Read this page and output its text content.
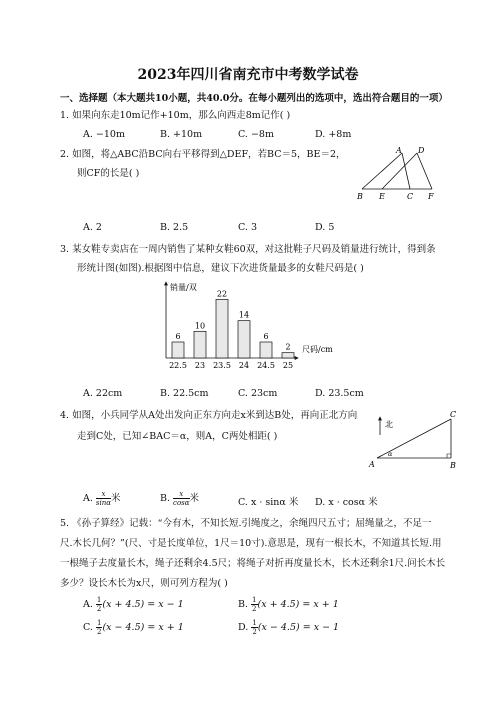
2023年四川省南充市中考数学试卷
一、选择题（本大题共10小题，共40.0分。在每小题列出的选项中，选出符合题目的一项）
1. 如果向东走10m记作+10m，那么向西走8m记作( )
A. −10m	B. +10m	C. −8m	D. +8m
2. 如图，将△ABC沿BC向右平移得到△DEF，若BC＝5，BE＝2，
则CF的长是( )
A D
B E	C F
A. 2	B. 2.5	C. 3	D. 5
3. 某女鞋专卖店在一周内销售了某种女鞋60双，对这批鞋子尺码及销量进行统计，得到条
形统计图(如图).根据图中信息，建议下次进货量最多的女鞋尺码是( )
销量/双
尺码/cm
6
22.5
10
23
22
23.5
14
24
6
24.5
2
25
A. 22cm	B. 22.5cm	C. 23cm	D. 23.5cm
4. 如图，小兵同学从A处出发向正东方向走x米到达B处，再向正北方向
走到C处，已知∠BAC＝α，则A，C两处相距( )
北
C
A	B
α
A. $\frac{x}{\sin\alpha}$ 米	B. $\frac{x}{\cos\alpha}$ 米	C. x · sinα 米 D. x · cosα 米
5. 《孙子算经》记载：“今有木，不知长短.引绳度之，余绳四尺五寸；屈绳量之，不足一
尺.木长几何？”(尺、寸是长度单位，1尺＝10寸).意思是，现有一根长木，不知道其长短.用
一根绳子去度量长木，绳子还剩余4.5尺；将绳子对折再度量长木，长木还剩余1尺.问长木长
多少？设长木长为x尺，则可列方程为( )
A. $\frac{1}{2} (x + 4.5) = x - 1$	B. $\frac{1}{2} (x + 4.5) = x + 1$
C. $\frac{1}{2} (x - 4.5) = x + 1$	D. $\frac{1}{2} (x - 4.5) = x - 1$
